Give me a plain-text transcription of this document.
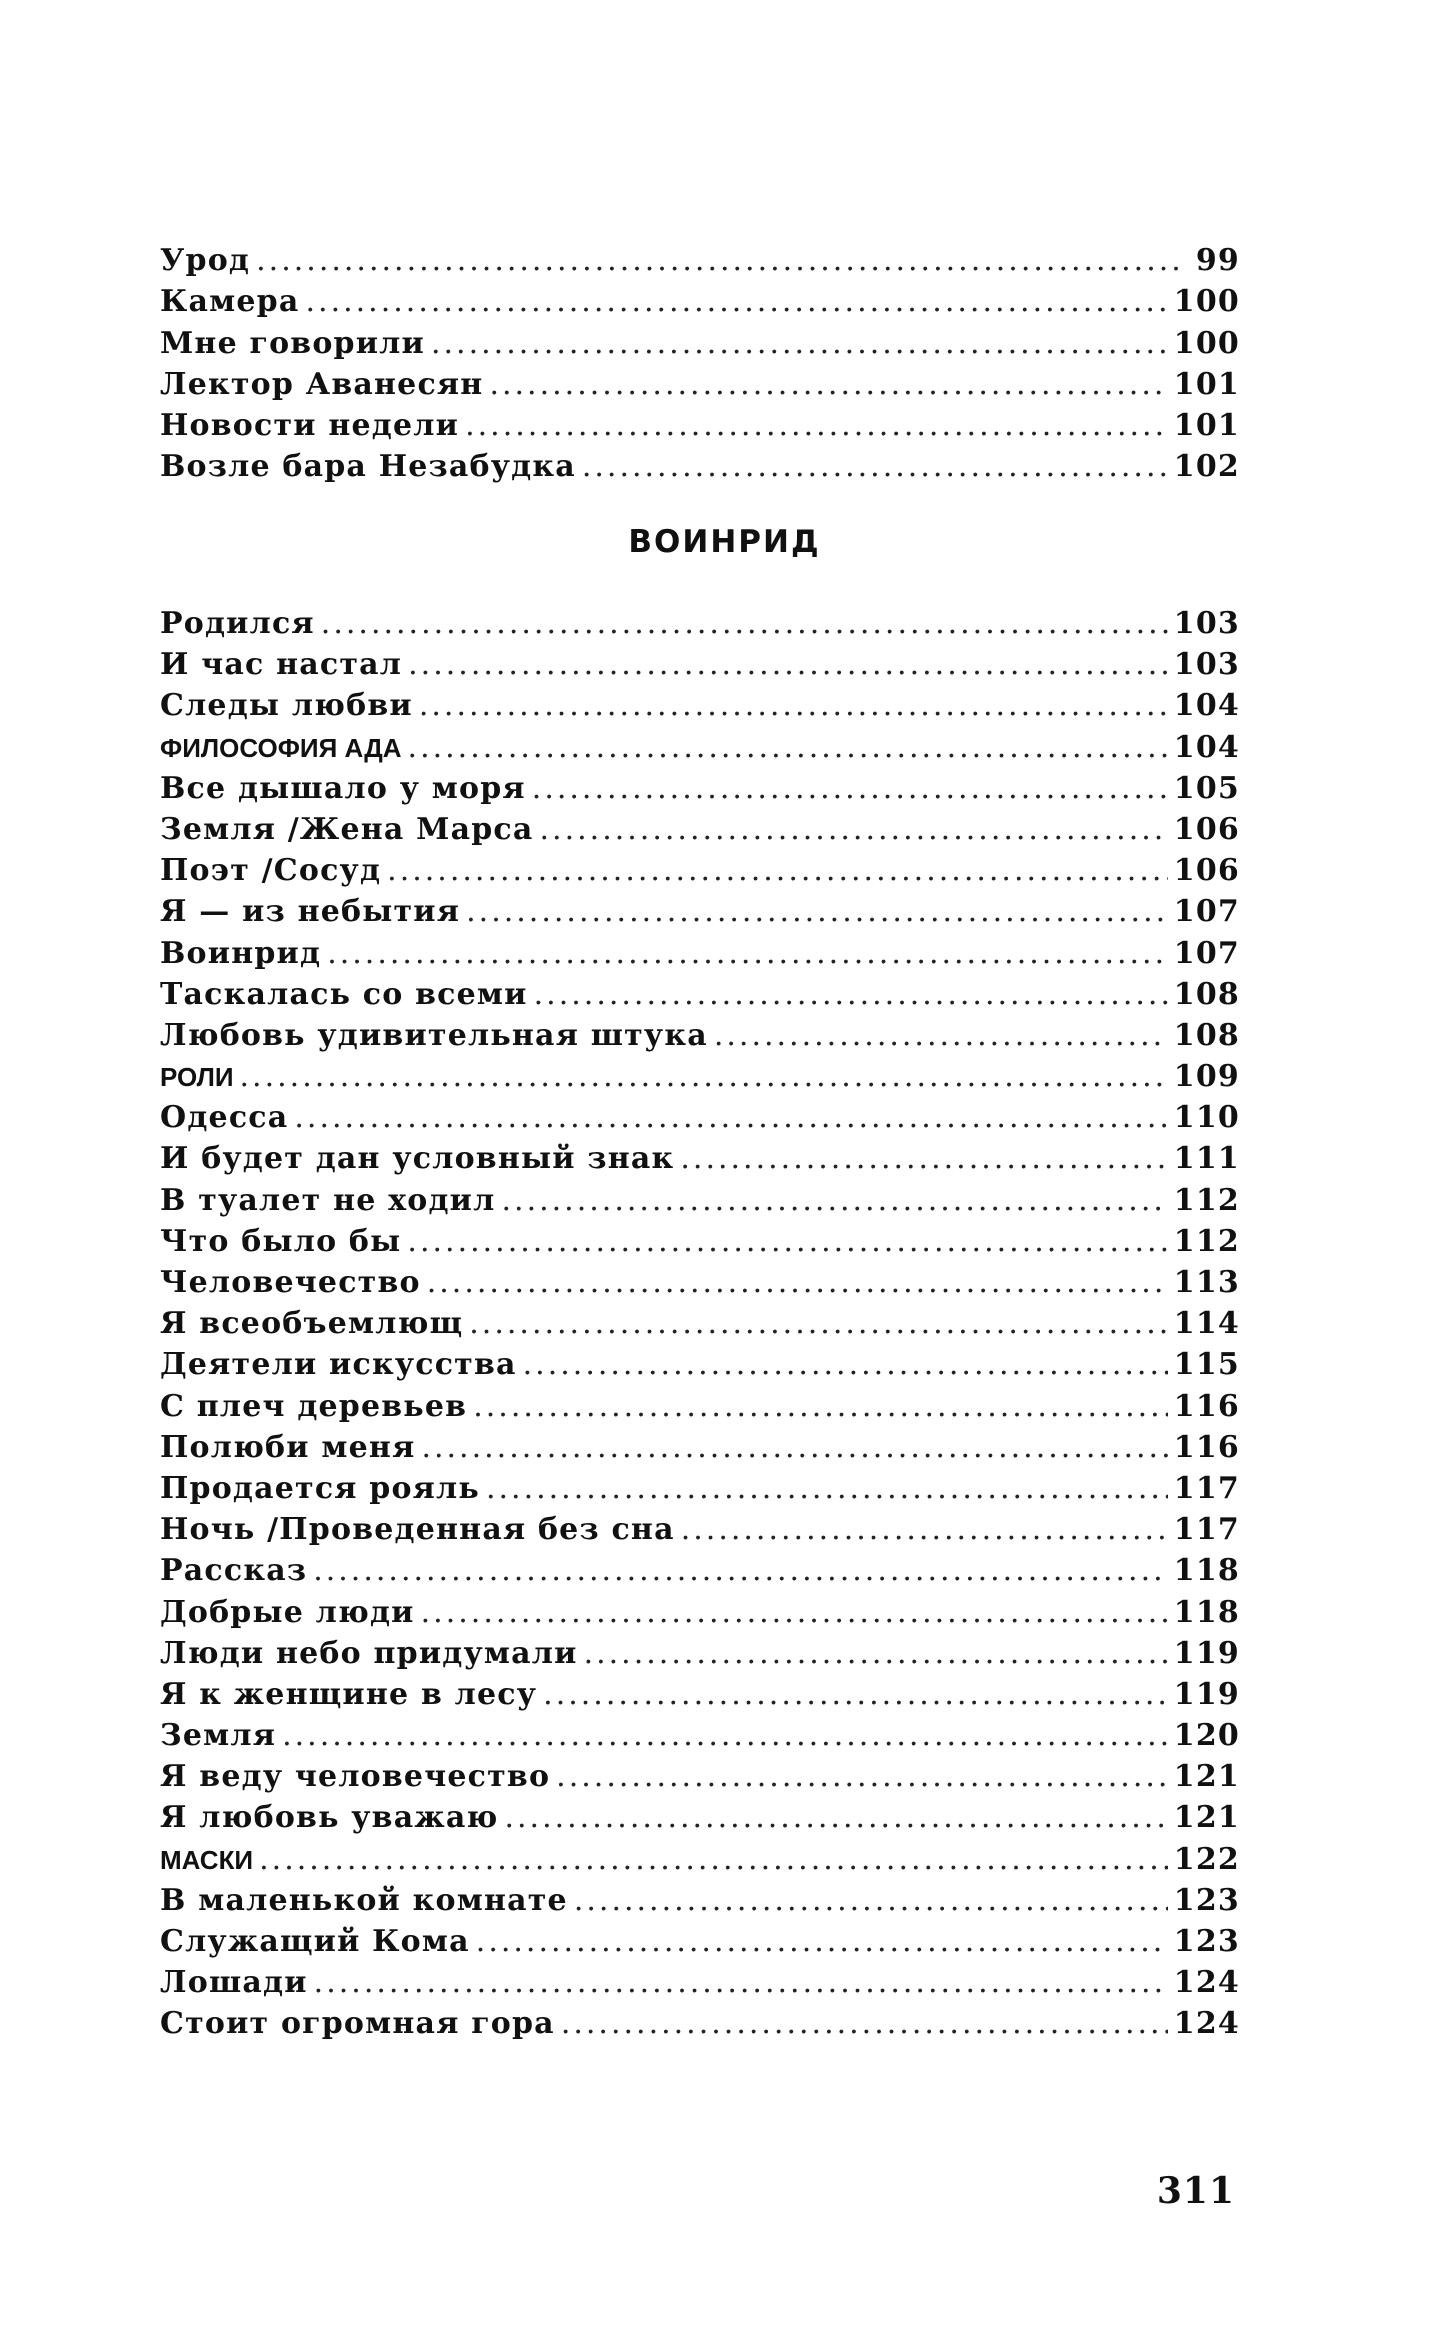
Урод .....	99
Камера .....	100
Мне говорили .....	100
Лектор Аванесян .....	101
Новости недели .....	101
Возле бара Незабудка .....	102
ВОИНРИД
Родился .....	103
И час настал .....	103
Следы любви .....	104
ФИЛОСОФИЯ АДА .....	104
Все дышало у моря .....	105
Земля /Жена Марса .....	106
Поэт /Сосуд .....	106
Я — из небытия .....	107
Воинрид .....	107
Таскалась со всеми .....	108
Любовь удивительная штука .....	108
РОЛИ .....	109
Одесса .....	110
И будет дан условный знак .....	111
В туалет не ходил .....	112
Что было бы .....	112
Человечество .....	113
Я всеобъемлющ .....	114
Деятели искусства .....	115
С плеч деревьев .....	116
Полюби меня .....	116
Продается рояль .....	117
Ночь /Проведенная без сна .....	117
Рассказ .....	118
Добрые люди .....	118
Люди небо придумали .....	119
Я к женщине в лесу .....	119
Земля .....	120
Я веду человечество .....	121
Я любовь уважаю .....	121
МАСКИ .....	122
В маленькой комнате .....	123
Служащий Кома .....	123
Лошади .....	124
Стоит огромная гора .....	124
311
